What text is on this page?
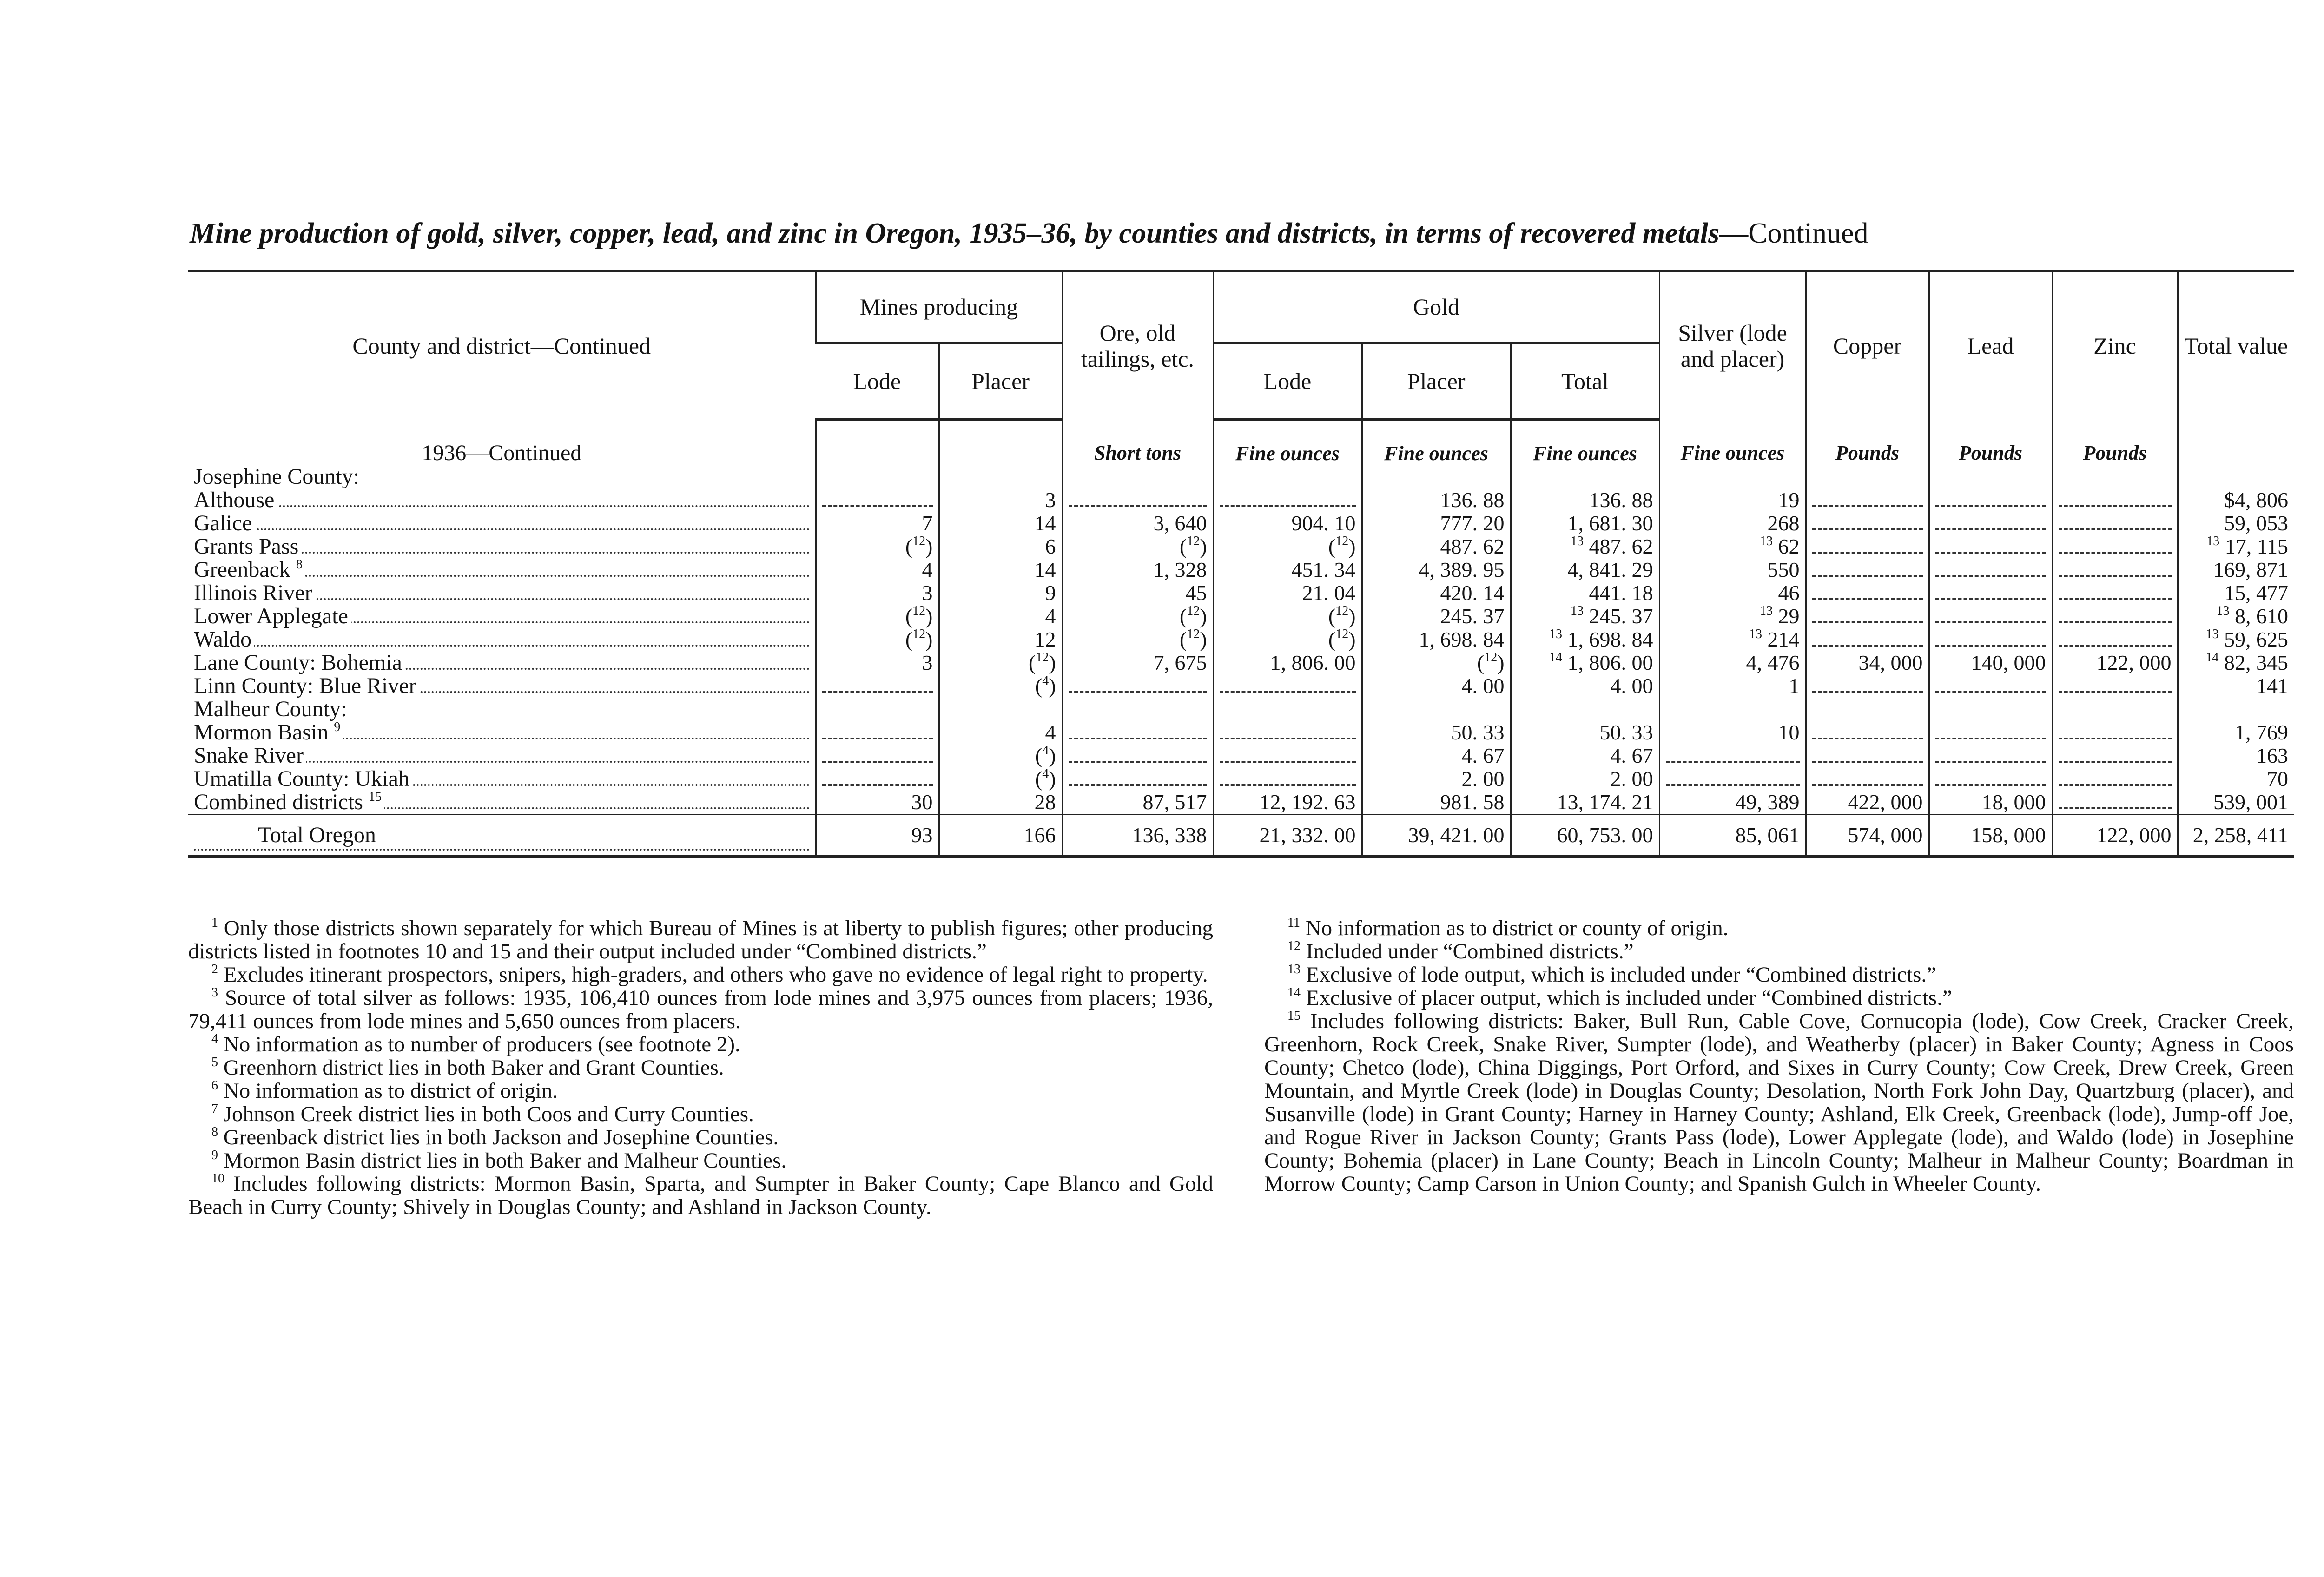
Mine production of gold, silver, copper, lead, and zinc in Oregon, 1935–36, by counties and districts, in terms of recovered metals—Continued
County and district—Continued	Mines producing		Ore, old tailings, etc.	Gold			Silver (lode and placer)	Copper	Lead	Zinc	Total value
	Lode	Placer		Lode	Placer	Total					
1936—Continued			Short tons	Fine ounces	Fine ounces	Fine ounces	Fine ounces	Pounds	Pounds	Pounds	
Josephine County:											
Althouse		3			136. 88	136. 88	19				$4, 806
Galice	7	14	3, 640	904. 10	777. 20	1, 681. 30	268				59, 053
Grants Pass	($^{12}$)	6	($^{12}$)	($^{12}$)	487. 62	$^{13}$ 487. 62	$^{13}$ 62				$^{13}$ 17, 115
Greenback $^8$	4	14	1, 328	451. 34	4, 389. 95	4, 841. 29	550				169, 871
Illinois River	3	9	45	21. 04	420. 14	441. 18	46				15, 477
Lower Applegate	($^{12}$)	4	($^{12}$)	($^{12}$)	245. 37	$^{13}$ 245. 37	$^{13}$ 29				$^{13}$ 8, 610
Waldo	($^{12}$)	12	($^{12}$)	($^{12}$)	1, 698. 84	$^{13}$ 1, 698. 84	$^{13}$ 214				$^{13}$ 59, 625
Lane County: Bohemia	3	($^{12}$)	7, 675	1, 806. 00	($^{12}$)	$^{14}$ 1, 806. 00	4, 476	34, 000	140, 000	122, 000	$^{14}$ 82, 345
Linn County: Blue River		($^4$)			4. 00	4. 00	1				141
Malheur County:											
Mormon Basin $^9$		4			50. 33	50. 33	10				1, 769
Snake River		($^4$)			4. 67	4. 67					163
Umatilla County: Ukiah		($^4$)			2. 00	2. 00					70
Combined districts $^{15}$	30	28	87, 517	12, 192. 63	981. 58	13, 174. 21	49, 389	422, 000	18, 000		539, 001
Total Oregon	93	166	136, 338	21, 332. 00	39, 421. 00	60, 753. 00	85, 061	574, 000	158, 000	122, 000	2, 258, 411

$^1$ Only those districts shown separately for which Bureau of Mines is at liberty to publish figures; other producing districts listed in footnotes 10 and 15 and their output included under “Combined districts.”

$^2$ Excludes itinerant prospectors, snipers, high-graders, and others who gave no evidence of legal right to property.

$^3$ Source of total silver as follows: 1935, 106,410 ounces from lode mines and 3,975 ounces from placers; 1936, 79,411 ounces from lode mines and 5,650 ounces from placers.

$^4$ No information as to number of producers (see footnote 2).

$^5$ Greenhorn district lies in both Baker and Grant Counties.

$^6$ No information as to district of origin.

$^7$ Johnson Creek district lies in both Coos and Curry Counties.

$^8$ Greenback district lies in both Jackson and Josephine Counties.

$^9$ Mormon Basin district lies in both Baker and Malheur Counties.

$^{10}$ Includes following districts: Mormon Basin, Sparta, and Sumpter in Baker County; Cape Blanco and Gold Beach in Curry County; Shively in Douglas County; and Ashland in Jackson County.

$^{11}$ No information as to district or county of origin.

$^{12}$ Included under “Combined districts.”

$^{13}$ Exclusive of lode output, which is included under “Combined districts.”

$^{14}$ Exclusive of placer output, which is included under “Combined districts.”

$^{15}$ Includes following districts: Baker, Bull Run, Cable Cove, Cornucopia (lode), Cow Creek, Cracker Creek, Greenhorn, Rock Creek, Snake River, Sumpter (lode), and Weatherby (placer) in Baker County; Agness in Coos County; Chetco (lode), China Diggings, Port Orford, and Sixes in Curry County; Cow Creek, Drew Creek, Green Mountain, and Myrtle Creek (lode) in Douglas County; Desolation, North Fork John Day, Quartzburg (placer), and Susanville (lode) in Grant County; Harney in Harney County; Ashland, Elk Creek, Greenback (lode), Jump-off Joe, and Rogue River in Jackson County; Grants Pass (lode), Lower Applegate (lode), and Waldo (lode) in Josephine County; Bohemia (placer) in Lane County; Beach in Lincoln County; Malheur in Malheur County; Boardman in Morrow County; Camp Carson in Union County; and Spanish Gulch in Wheeler County.
